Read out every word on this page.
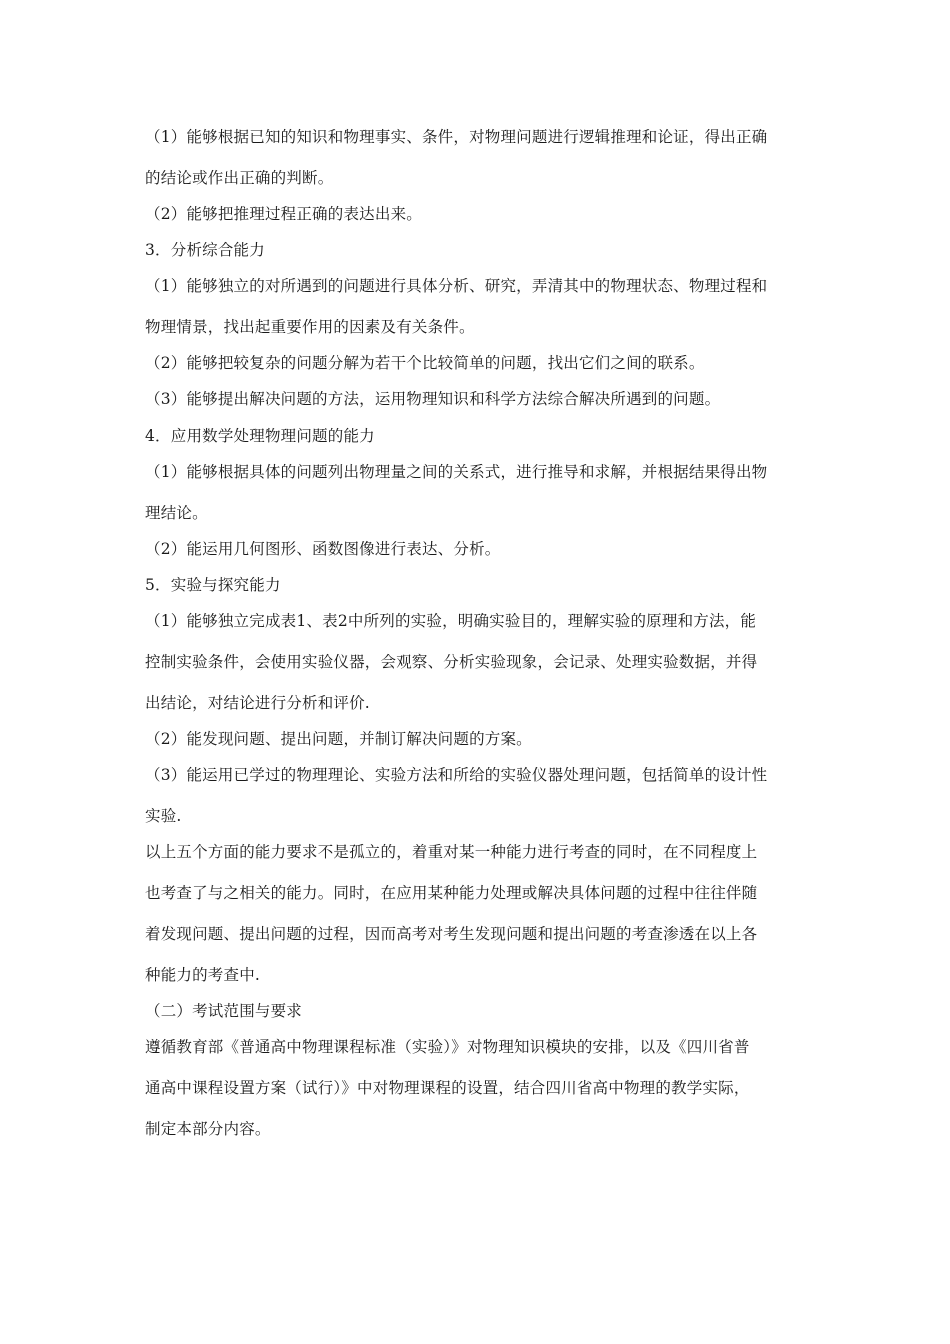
（1）能够根据已知的知识和物理事实、条件，对物理问题进行逻辑推理和论证，得出正确
的结论或作出正确的判断。
（2）能够把推理过程正确的表达出来。
3．分析综合能力
（1）能够独立的对所遇到的问题进行具体分析、研究，弄清其中的物理状态、物理过程和
物理情景，找出起重要作用的因素及有关条件。
（2）能够把较复杂的问题分解为若干个比较简单的问题，找出它们之间的联系。
（3）能够提出解决问题的方法，运用物理知识和科学方法综合解决所遇到的问题。
4．应用数学处理物理问题的能力
（1）能够根据具体的问题列出物理量之间的关系式，进行推导和求解，并根据结果得出物
理结论。
（2）能运用几何图形、函数图像进行表达、分析。
5．实验与探究能力
（1）能够独立完成表1、表2中所列的实验，明确实验目的，理解实验的原理和方法，能
控制实验条件，会使用实验仪器，会观察、分析实验现象，会记录、处理实验数据，并得
出结论，对结论进行分析和评价.
（2）能发现问题、提出问题，并制订解决问题的方案。
（3）能运用已学过的物理理论、实验方法和所给的实验仪器处理问题，包括简单的设计性
实验.
以上五个方面的能力要求不是孤立的，着重对某一种能力进行考查的同时，在不同程度上
也考查了与之相关的能力。同时，在应用某种能力处理或解决具体问题的过程中往往伴随
着发现问题、提出问题的过程，因而高考对考生发现问题和提出问题的考查渗透在以上各
种能力的考查中.
（二）考试范围与要求
遵循教育部《普通高中物理课程标准（实验）》对物理知识模块的安排，以及《四川省普
通高中课程设置方案（试行）》中对物理课程的设置，结合四川省高中物理的教学实际，
制定本部分内容。
